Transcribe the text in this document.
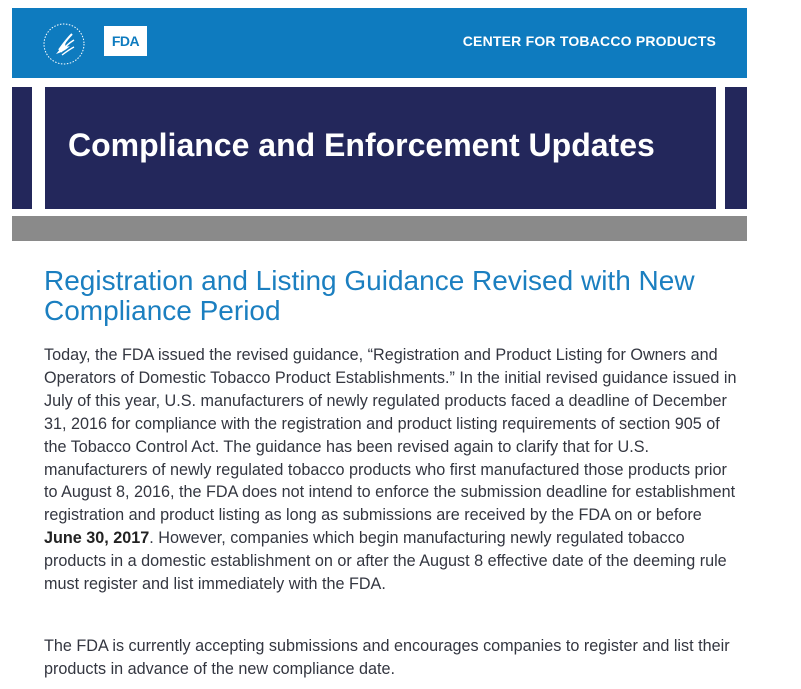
FDA	CENTER FOR TOBACCO PRODUCTS
Compliance and Enforcement Updates
Registration and Listing Guidance Revised with New Compliance Period

Today, the FDA issued the revised guidance, “Registration and Product Listing for Owners and Operators of Domestic Tobacco Product Establishments.” In the initial revised guidance issued in July of this year, U.S. manufacturers of newly regulated products faced a deadline of December 31, 2016 for compliance with the registration and product listing requirements of section 905 of the Tobacco Control Act. The guidance has been revised again to clarify that for U.S. manufacturers of newly regulated tobacco products who first manufactured those products prior to August 8, 2016, the FDA does not intend to enforce the submission deadline for establishment registration and product listing as long as submissions are received by the FDA on or before June 30, 2017. However, companies which begin manufacturing newly regulated tobacco products in a domestic establishment on or after the August 8 effective date of the deeming rule must register and list immediately with the FDA.

The FDA is currently accepting submissions and encourages companies to register and list their products in advance of the new compliance date.
